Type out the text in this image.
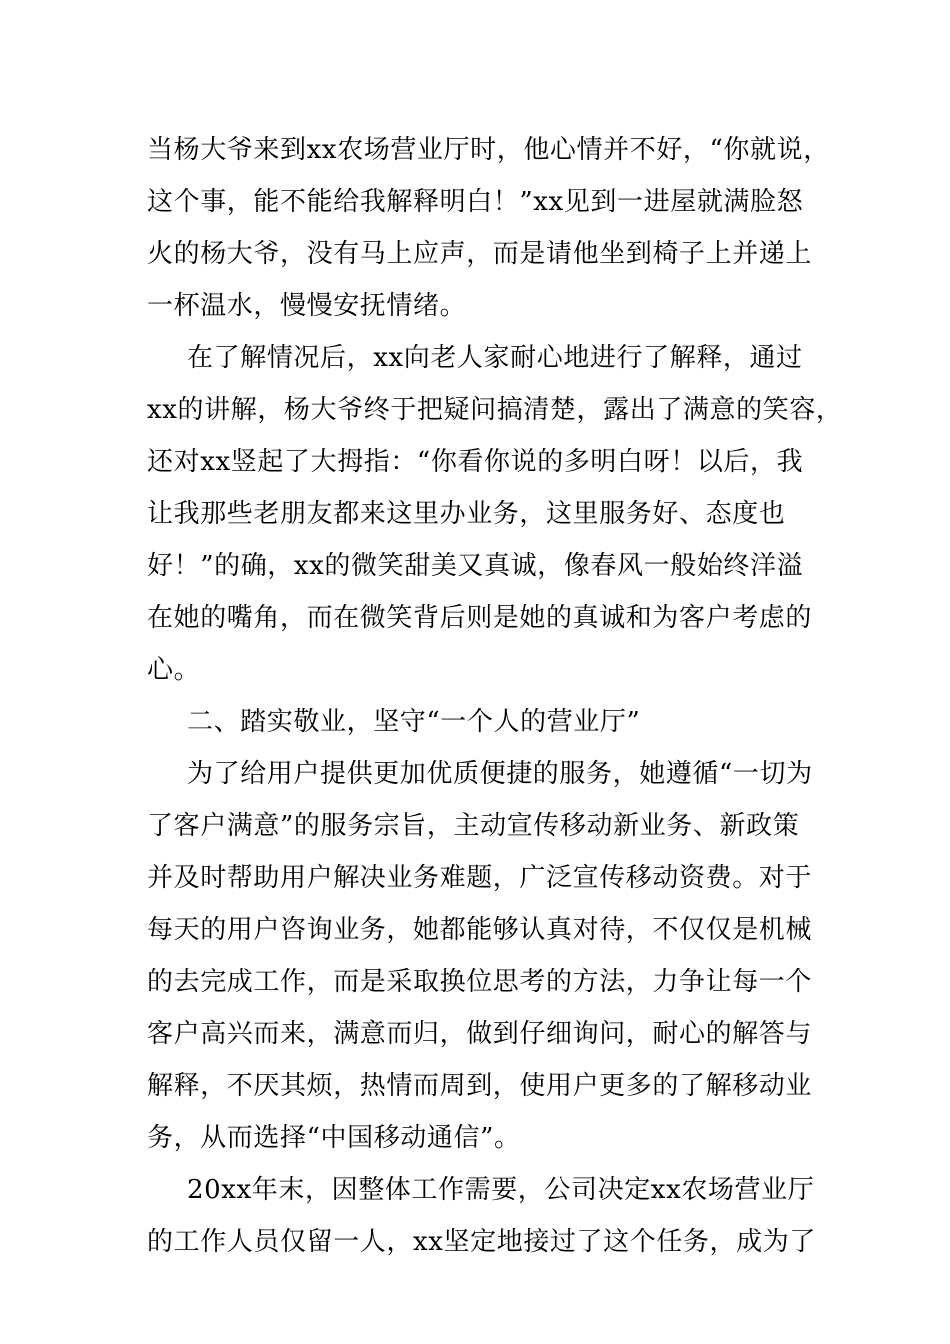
当杨大爷来到xx农场营业厅时，他心情并不好，“你就说，
这个事，能不能给我解释明白！”xx见到一进屋就满脸怒
火的杨大爷，没有马上应声，而是请他坐到椅子上并递上
一杯温水，慢慢安抚情绪。
在了解情况后，xx向老人家耐心地进行了解释，通过
xx的讲解，杨大爷终于把疑问搞清楚，露出了满意的笑容，
还对xx竖起了大拇指：“你看你说的多明白呀！以后，我
让我那些老朋友都来这里办业务，这里服务好、态度也
好！”的确，xx的微笑甜美又真诚，像春风一般始终洋溢
在她的嘴角，而在微笑背后则是她的真诚和为客户考虑的
心。
二、踏实敬业，坚守“一个人的营业厅”
为了给用户提供更加优质便捷的服务，她遵循“一切为
了客户满意”的服务宗旨，主动宣传移动新业务、新政策
并及时帮助用户解决业务难题，广泛宣传移动资费。对于
每天的用户咨询业务，她都能够认真对待，不仅仅是机械
的去完成工作，而是采取换位思考的方法，力争让每一个
客户高兴而来，满意而归，做到仔细询问，耐心的解答与
解释，不厌其烦，热情而周到，使用户更多的了解移动业
务，从而选择“中国移动通信”。
20xx年末，因整体工作需要，公司决定xx农场营业厅
的工作人员仅留一人，xx坚定地接过了这个任务，成为了
